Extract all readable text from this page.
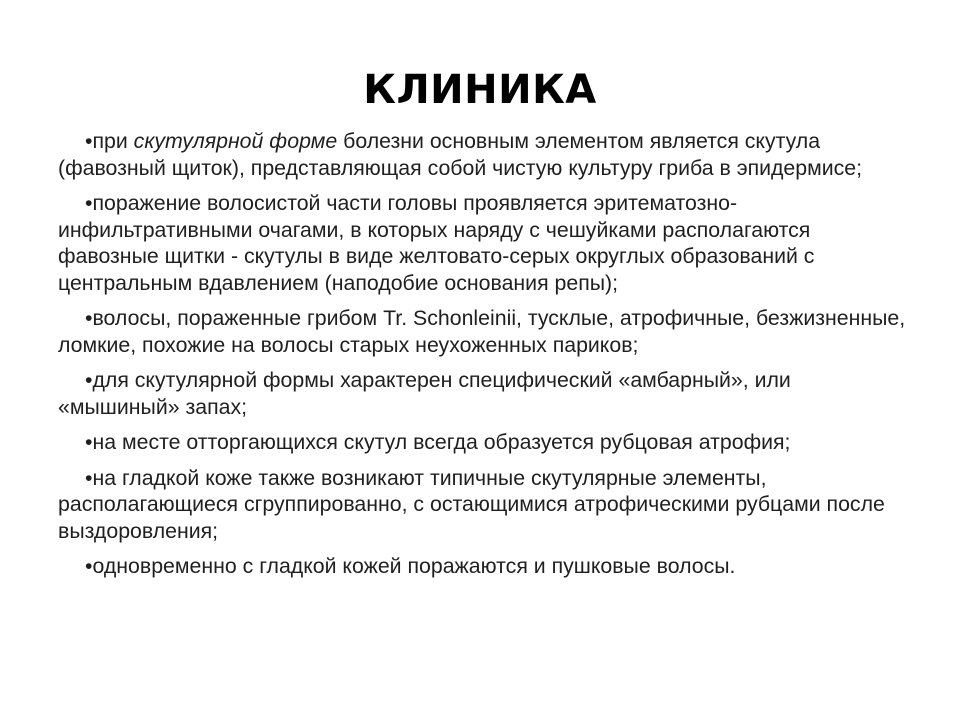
КЛИНИКА
•при скутулярной форме болезни основным элементом является скутула (фавозный щиток), представляющая собой чистую культуру гриба в эпидермисе;
•поражение волосистой части головы проявляется эритематозно-инфильтративными очагами, в которых наряду с чешуйками располагаются фавозные щитки - скутулы в виде желтовато-серых округлых образований с центральным вдавлением (наподобие основания репы);
•волосы, пораженные грибом Tr. Schonleinii, тусклые, атрофичные, безжизненные, ломкие, похожие на волосы старых неухоженных париков;
•для скутулярной формы характерен специфический «амбарный», или «мышиный» запах;
•на месте отторгающихся скутул всегда образуется рубцовая атрофия;
•на гладкой коже также возникают типичные скутулярные элементы, располагающиеся сгруппированно, с остающимися атрофическими рубцами после выздоровления;
•одновременно с гладкой кожей поражаются и пушковые волосы.
